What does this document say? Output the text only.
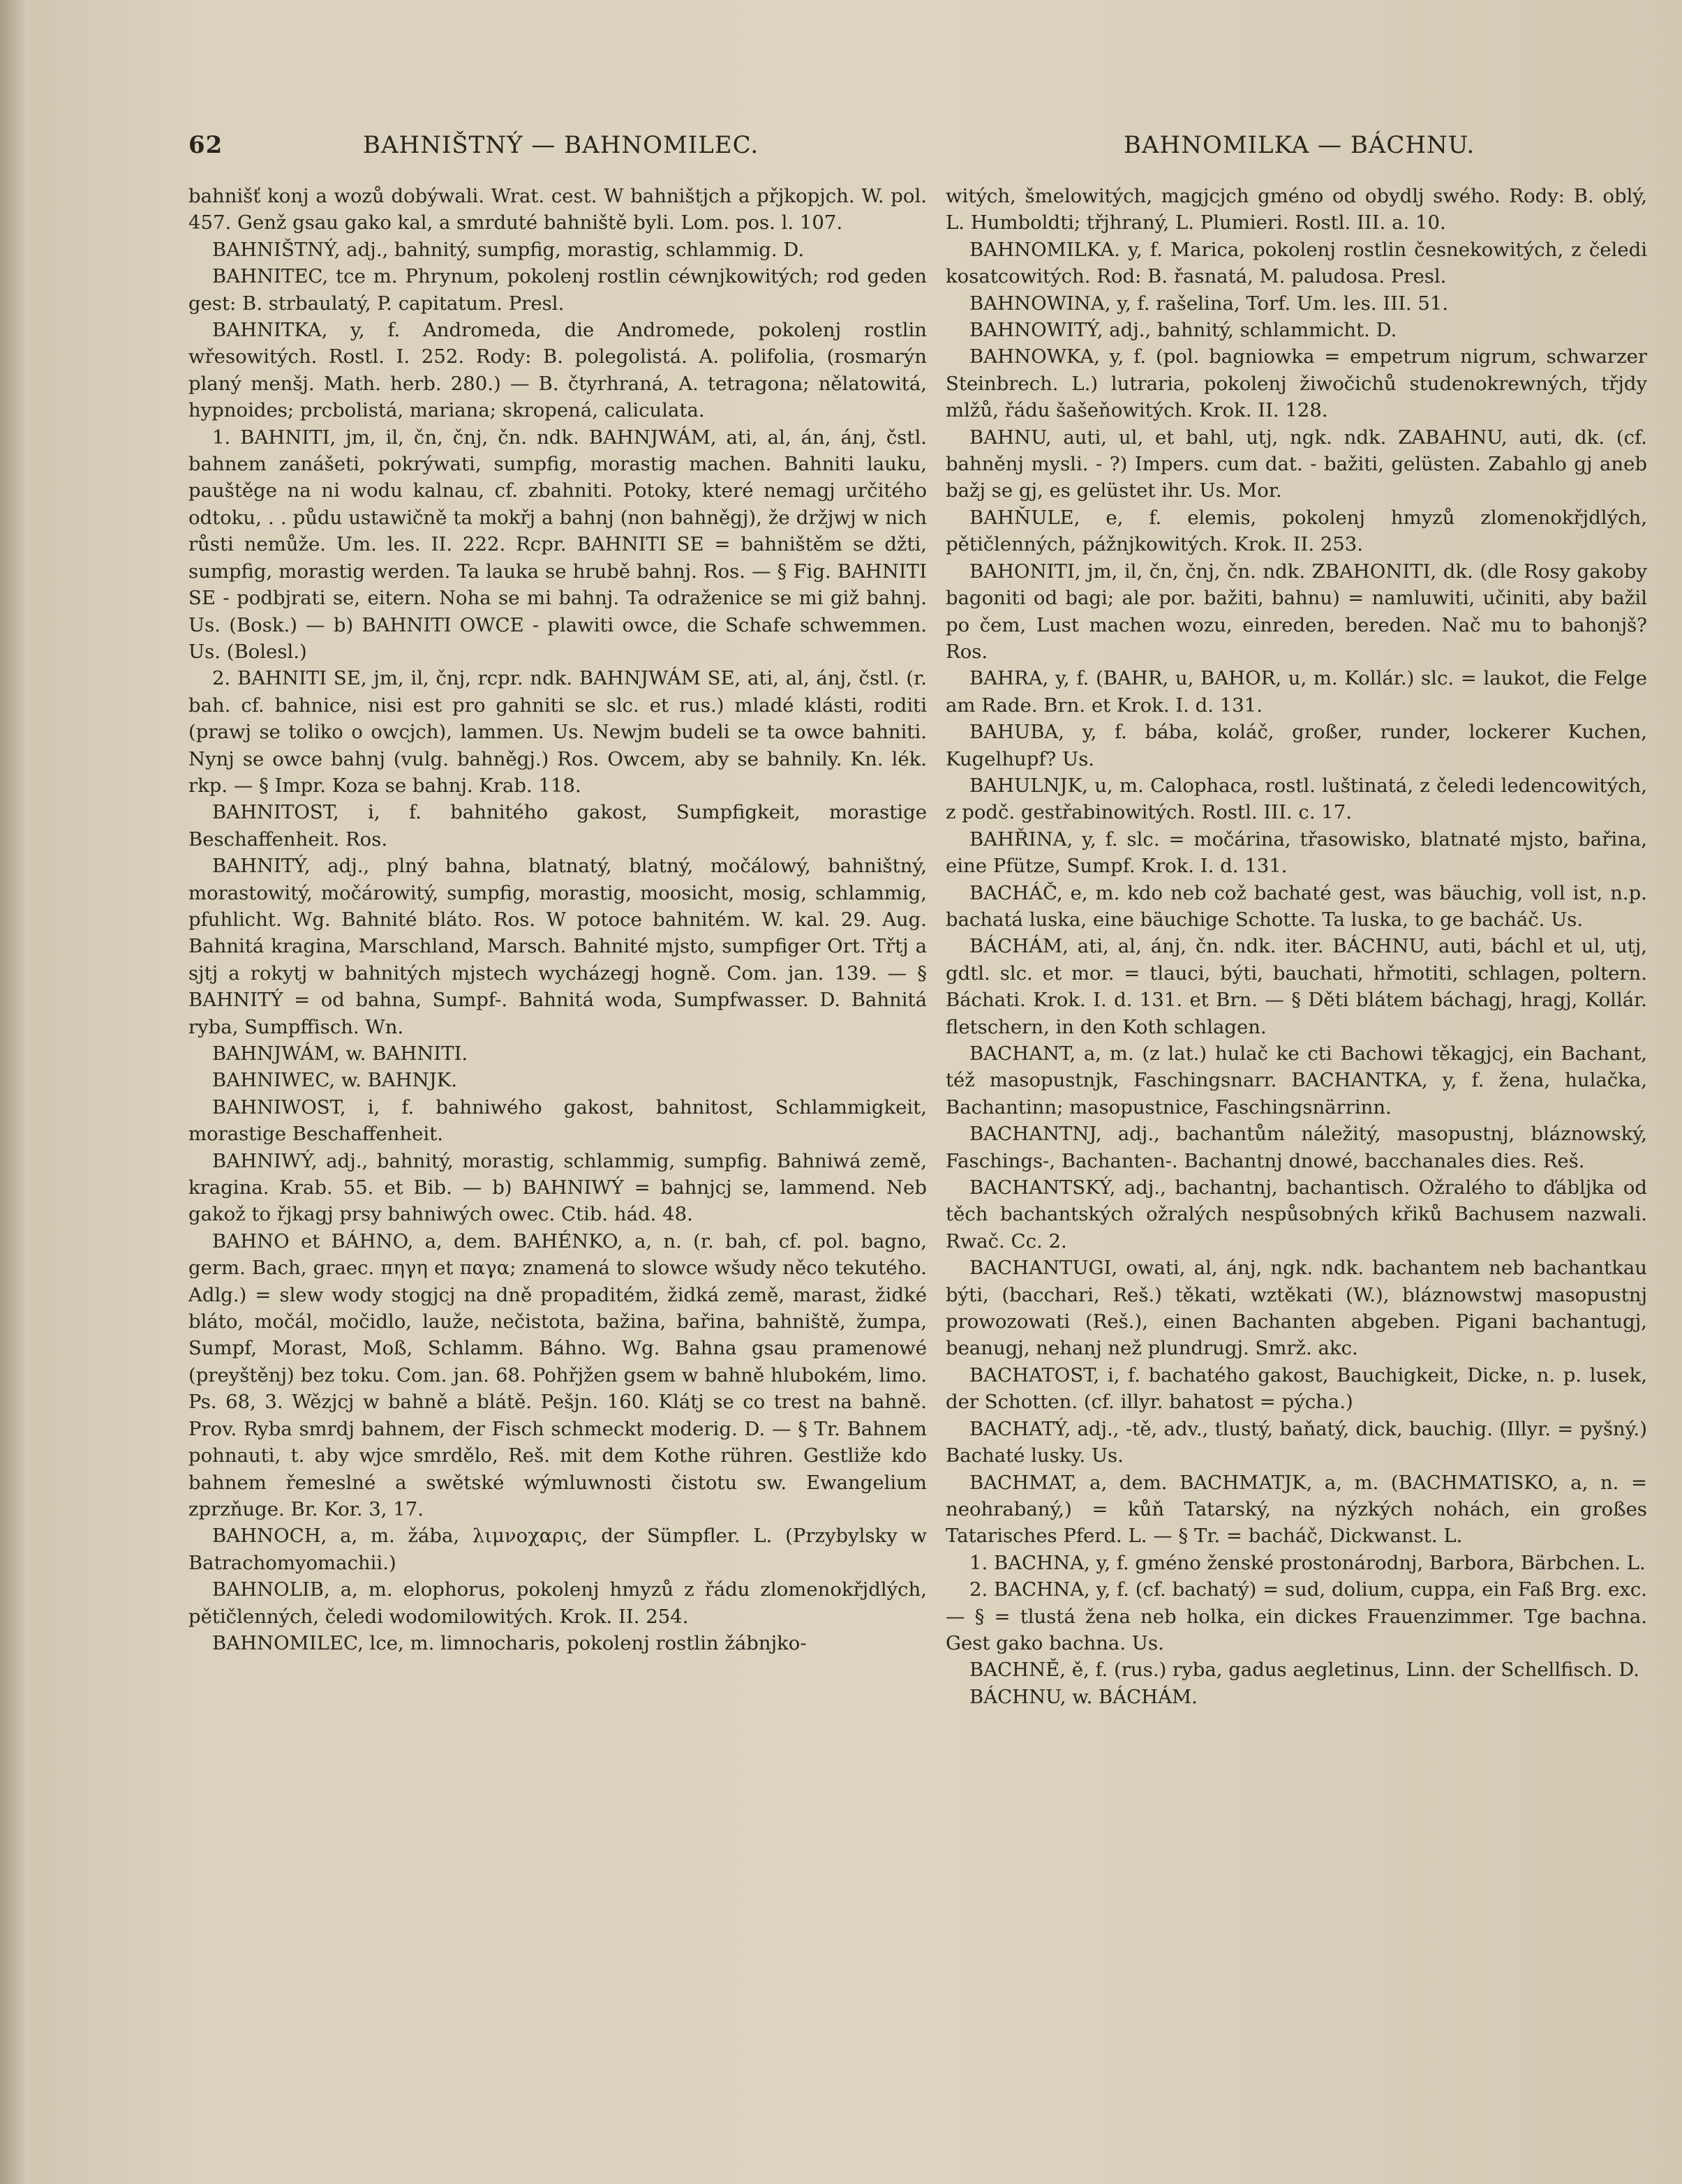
62	BAHNIŠTNÝ — BAHNOMILEC.	BAHNOMILKA — BÁCHNU.

bahnišť konj a wozů dobýwali. Wrat. cest. W bahništjch a přjkopjch. W. pol. 457. Genž gsau gako kal, a smrduté bahniště byli. Lom. pos. l. 107.

BAHNIŠTNÝ, adj., bahnitý, sumpfig, morastig, schlammig. D.

BAHNITEC, tce m. Phrynum, pokolenj rostlin céwnjkowitých; rod geden gest: B. strbaulatý, P. capitatum. Presl.

BAHNITKA, y, f. Andromeda, die Andromede, pokolenj rostlin wřesowitých. Rostl. I. 252. Rody: B. polegolistá. A. polifolia, (rosmarýn planý menšj. Math. herb. 280.) — B. čtyrhraná, A. tetragona; nělatowitá, hypnoides; prcbolistá, mariana; skropená, caliculata.

1. BAHNITI, jm, il, čn, čnj, čn. ndk. BAHNJWÁM, ati, al, án, ánj, čstl. bahnem zanášeti, pokrýwati, sumpfig, morastig machen. Bahniti lauku, pauštěge na ni wodu kalnau, cf. zbahniti. Potoky, které nemagj určitého odtoku, . . půdu ustawičně ta mokřj a bahnj (non bahněgj), že držjwj w nich růsti nemůže. Um. les. II. 222. Rcpr. BAHNITI SE = bahništěm se džti, sumpfig, morastig werden. Ta lauka se hrubě bahnj. Ros. — § Fig. BAHNITI SE - podbjrati se, eitern. Noha se mi bahnj. Ta odraženice se mi giž bahnj. Us. (Bosk.) — b) BAHNITI OWCE - plawiti owce, die Schafe schwemmen. Us. (Bolesl.)

2. BAHNITI SE, jm, il, čnj, rcpr. ndk. BAHNJWÁM SE, ati, al, ánj, čstl. (r. bah. cf. bahnice, nisi est pro gahniti se slc. et rus.) mladé klásti, roditi (prawj se toliko o owcjch), lammen. Us. Newjm budeli se ta owce bahniti. Nynj se owce bahnj (vulg. bahněgj.) Ros. Owcem, aby se bahnily. Kn. lék. rkp. — § Impr. Koza se bahnj. Krab. 118.

BAHNITOST, i, f. bahnitého gakost, Sumpfigkeit, morastige Beschaffenheit. Ros.

BAHNITÝ, adj., plný bahna, blatnatý, blatný, močálowý, bahništný, morastowitý, močárowitý, sumpfig, morastig, moosicht, mosig, schlammig, pfuhlicht. Wg. Bahnité bláto. Ros. W potoce bahnitém. W. kal. 29. Aug. Bahnitá kragina, Marschland, Marsch. Bahnité mjsto, sumpfiger Ort. Třtj a sjtj a rokytj w bahnitých mjstech wycházegj hogně. Com. jan. 139. — § BAHNITÝ = od bahna, Sumpf-. Bahnitá woda, Sumpfwasser. D. Bahnitá ryba, Sumpffisch. Wn.

BAHNJWÁM, w. BAHNITI.

BAHNIWEC, w. BAHNJK.

BAHNIWOST, i, f. bahniwého gakost, bahnitost, Schlammigkeit, morastige Beschaffenheit.

BAHNIWÝ, adj., bahnitý, morastig, schlammig, sumpfig. Bahniwá země, kragina. Krab. 55. et Bib. — b) BAHNIWÝ = bahnjcj se, lammend. Neb gakož to řjkagj prsy bahniwých owec. Ctib. hád. 48.

BAHNO et BÁHNO, a, dem. BAHÉNKO, a, n. (r. bah, cf. pol. bagno, germ. Bach, graec. πηγη et παγα; znamená to slowce wšudy něco tekutého. Adlg.) = slew wody stogjcj na dně propaditém, židká země, marast, židké bláto, močál, močidlo, lauže, nečistota, bažina, bařina, bahniště, žumpa, Sumpf, Morast, Moß, Schlamm. Báhno. Wg. Bahna gsau pramenowé (preyštěnj) bez toku. Com. jan. 68. Pohřjžen gsem w bahně hlubokém, limo. Ps. 68, 3. Wězjcj w bahně a blátě. Pešjn. 160. Klátj se co trest na bahně. Prov. Ryba smrdj bahnem, der Fisch schmeckt moderig. D. — § Tr. Bahnem pohnauti, t. aby wjce smrdělo, Reš. mit dem Kothe rühren. Gestliže kdo bahnem řemeslné a swětské wýmluwnosti čistotu sw. Ewangelium zprzňuge. Br. Kor. 3, 17.

BAHNOCH, a, m. žába, λιμνοχαρις, der Sümpfler. L. (Przybylsky w Batrachomyomachii.)

BAHNOLIB, a, m. elophorus, pokolenj hmyzů z řádu zlomenokřjdlých, pětičlenných, čeledi wodomilowitých. Krok. II. 254.

BAHNOMILEC, lce, m. limnocharis, pokolenj rostlin žábnjko-

witých, šmelowitých, magjcjch gméno od obydlj swého. Rody: B. oblý, L. Humboldti; třjhraný, L. Plumieri. Rostl. III. a. 10.

BAHNOMILKA. y, f. Marica, pokolenj rostlin česnekowitých, z čeledi kosatcowitých. Rod: B. řasnatá, M. paludosa. Presl.

BAHNOWINA, y, f. rašelina, Torf. Um. les. III. 51.

BAHNOWITÝ, adj., bahnitý, schlammicht. D.

BAHNOWKA, y, f. (pol. bagniowka = empetrum nigrum, schwarzer Steinbrech. L.) lutraria, pokolenj žiwočichů studenokrewných, třjdy mlžů, řádu šašeňowitých. Krok. II. 128.

BAHNU, auti, ul, et bahl, utj, ngk. ndk. ZABAHNU, auti, dk. (cf. bahněnj mysli. - ?) Impers. cum dat. - bažiti, gelüsten. Zabahlo gj aneb bažj se gj, es gelüstet ihr. Us. Mor.

BAHŇULE, e, f. elemis, pokolenj hmyzů zlomenokřjdlých, pětičlenných, pážnjkowitých. Krok. II. 253.

BAHONITI, jm, il, čn, čnj, čn. ndk. ZBAHONITI, dk. (dle Rosy gakoby bagoniti od bagi; ale por. bažiti, bahnu) = namluwiti, učiniti, aby bažil po čem, Lust machen wozu, einreden, bereden. Nač mu to bahonjš? Ros.

BAHRA, y, f. (BAHR, u, BAHOR, u, m. Kollár.) slc. = laukot, die Felge am Rade. Brn. et Krok. I. d. 131.

BAHUBA, y, f. bába, koláč, großer, runder, lockerer Kuchen, Kugelhupf? Us.

BAHULNJK, u, m. Calophaca, rostl. luštinatá, z čeledi ledencowitých, z podč. gestřabinowitých. Rostl. III. c. 17.

BAHŘINA, y, f. slc. = močárina, třasowisko, blatnaté mjsto, bařina, eine Pfütze, Sumpf. Krok. I. d. 131.

BACHÁČ, e, m. kdo neb což bachaté gest, was bäuchig, voll ist, n.p. bachatá luska, eine bäuchige Schotte. Ta luska, to ge bacháč. Us.

BÁCHÁM, ati, al, ánj, čn. ndk. iter. BÁCHNU, auti, báchl et ul, utj, gdtl. slc. et mor. = tlauci, býti, bauchati, hřmotiti, schlagen, poltern. Báchati. Krok. I. d. 131. et Brn. — § Děti blátem báchagj, hragj, Kollár. fletschern, in den Koth schlagen.

BACHANT, a, m. (z lat.) hulač ke cti Bachowi těkagjcj, ein Bachant, též masopustnjk, Faschingsnarr. BACHANTKA, y, f. žena, hulačka, Bachantinn; masopustnice, Faschingsnärrinn.

BACHANTNJ, adj., bachantům náležitý, masopustnj, bláznowský, Faschings-, Bachanten-. Bachantnj dnowé, bacchanales dies. Reš.

BACHANTSKÝ, adj., bachantnj, bachantisch. Ožralého to ďábljka od těch bachantských ožralých nespůsobných křiků Bachusem nazwali. Rwač. Cc. 2.

BACHANTUGI, owati, al, ánj, ngk. ndk. bachantem neb bachantkau býti, (bacchari, Reš.) těkati, wztěkati (W.), bláznowstwj masopustnj prowozowati (Reš.), einen Bachanten abgeben. Pigani bachantugj, beanugj, nehanj než plundrugj. Smrž. akc.

BACHATOST, i, f. bachatého gakost, Bauchigkeit, Dicke, n. p. lusek, der Schotten. (cf. illyr. bahatost = pýcha.)

BACHATÝ, adj., -tě, adv., tlustý, baňatý, dick, bauchig. (Illyr. = pyšný.) Bachaté lusky. Us.

BACHMAT, a, dem. BACHMATJK, a, m. (BACHMATISKO, a, n. = neohrabaný,) = kůň Tatarský, na nýzkých nohách, ein großes Tatarisches Pferd. L. — § Tr. = bacháč, Dickwanst. L.

1. BACHNA, y, f. gméno ženské prostonárodnj, Barbora, Bärbchen. L.

2. BACHNA, y, f. (cf. bachatý) = sud, dolium, cuppa, ein Faß Brg. exc. — § = tlustá žena neb holka, ein dickes Frauenzimmer. Tge bachna. Gest gako bachna. Us.

BACHNĚ, ě, f. (rus.) ryba, gadus aegletinus, Linn. der Schellfisch. D.

BÁCHNU, w. BÁCHÁM.
